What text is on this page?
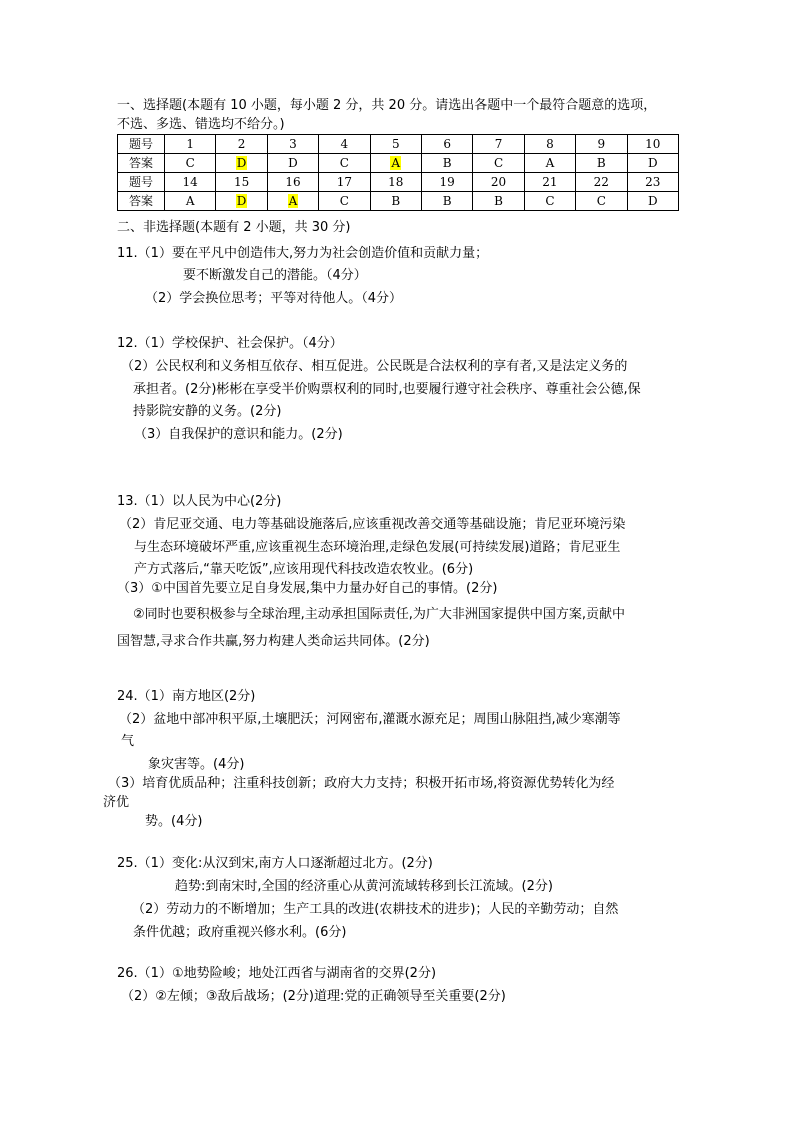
一、选择题(本题有 10 小题，每小题 2 分，共 20 分。请选出各题中一个最符合题意的选项，
不选、多选、错选均不给分。)
题号	1	2	3	4	5	6	7	8	9	10
答案	C	D	D	C	A	B	C	A	B	D
题号	14	15	16	17	18	19	20	21	22	23
答案	A	D	A	C	B	B	B	C	C	D
二、非选择题(本题有 2 小题，共 30 分)
11.（1）要在平凡中创造伟大,努力为社会创造价值和贡献力量；
要不断激发自己的潜能。（4分）
（2）学会换位思考；平等对待他人。（4分）
12.（1）学校保护、社会保护。（4分）
（2）公民权利和义务相互依存、相互促进。公民既是合法权利的享有者,又是法定义务的
承担者。(2分)彬彬在享受半价购票权利的同时,也要履行遵守社会秩序、尊重社会公德,保
持影院安静的义务。(2分)
（3）自我保护的意识和能力。(2分)
13.（1）以人民为中心(2分)
（2）肯尼亚交通、电力等基础设施落后,应该重视改善交通等基础设施；肯尼亚环境污染
与生态环境破坏严重,应该重视生态环境治理,走绿色发展(可持续发展)道路；肯尼亚生
产方式落后,“靠天吃饭”,应该用现代科技改造农牧业。(6分)
（3）①中国首先要立足自身发展,集中力量办好自己的事情。(2分)
②同时也要积极参与全球治理,主动承担国际责任,为广大非洲国家提供中国方案,贡献中
国智慧,寻求合作共赢,努力构建人类命运共同体。(2分)
24.（1）南方地区(2分)
（2）盆地中部冲积平原,土壤肥沃；河网密布,灌溉水源充足；周围山脉阻挡,减少寒潮等
气
象灾害等。(4分)
（3）培育优质品种；注重科技创新；政府大力支持；积极开拓市场,将资源优势转化为经
济优
势。(4分)
25.（1）变化:从汉到宋,南方人口逐渐超过北方。(2分)
趋势:到南宋时,全国的经济重心从黄河流域转移到长江流域。(2分)
（2）劳动力的不断增加；生产工具的改进(农耕技术的进步)；人民的辛勤劳动；自然
条件优越；政府重视兴修水利。(6分)
26.（1）①地势险峻；地处江西省与湖南省的交界(2分)
（2）②左倾；③敌后战场；(2分)道理:党的正确领导至关重要(2分)
